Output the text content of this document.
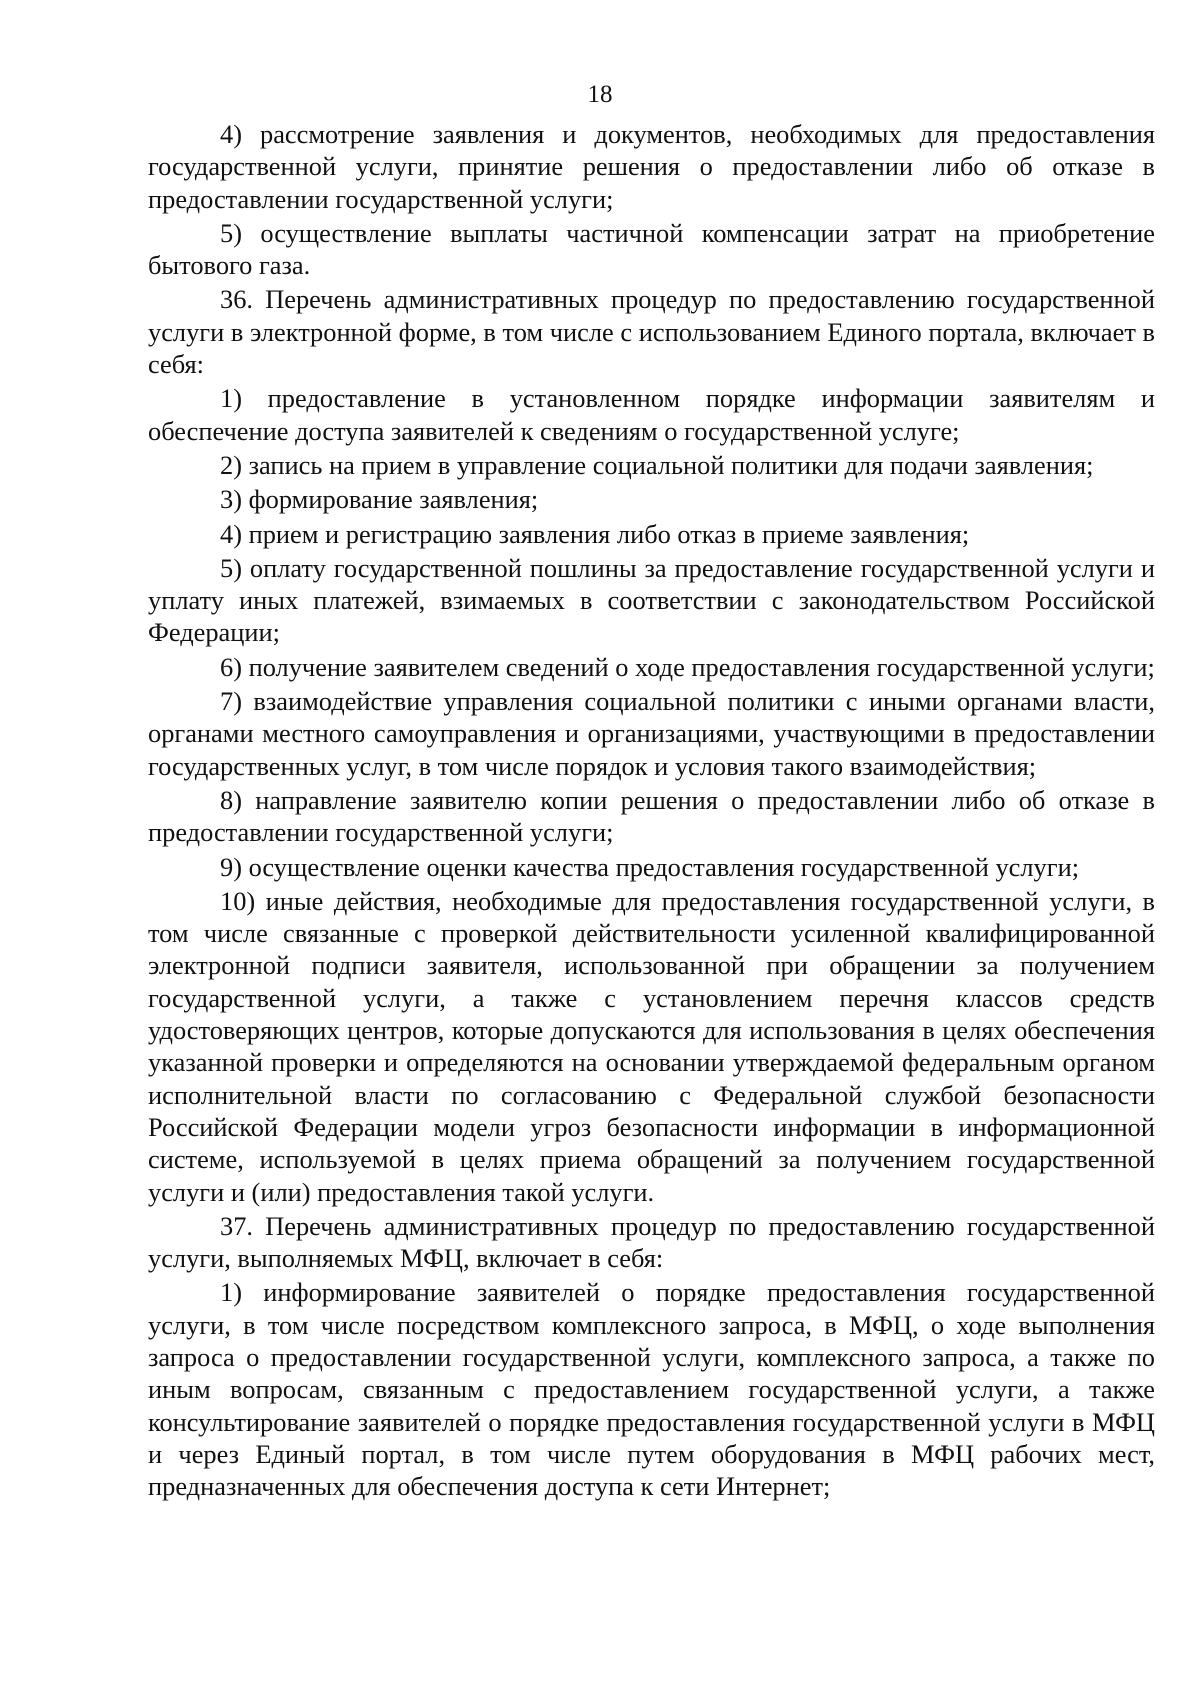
18

4) рассмотрение заявления и документов, необходимых для предоставления государственной услуги, принятие решения о предоставлении либо об отказе в предоставлении государственной услуги;

5) осуществление выплаты частичной компенсации затрат на приобретение бытового газа.

36. Перечень административных процедур по предоставлению государственной услуги в электронной форме, в том числе с использованием Единого портала, включает в себя:

1) предоставление в установленном порядке информации заявителям и обеспечение доступа заявителей к сведениям о государственной услуге;

2) запись на прием в управление социальной политики для подачи заявления;

3) формирование заявления;

4) прием и регистрацию заявления либо отказ в приеме заявления;

5) оплату государственной пошлины за предоставление государственной услуги и уплату иных платежей, взимаемых в соответствии с законодательством Российской Федерации;

6) получение заявителем сведений о ходе предоставления государственной услуги;

7) взаимодействие управления социальной политики с иными органами власти, органами местного самоуправления и организациями, участвующими в предоставлении государственных услуг, в том числе порядок и условия такого взаимодействия;

8) направление заявителю копии решения о предоставлении либо об отказе в предоставлении государственной услуги;

9) осуществление оценки качества предоставления государственной услуги;

10) иные действия, необходимые для предоставления государственной услуги, в том числе связанные с проверкой действительности усиленной квалифицированной электронной подписи заявителя, использованной при обращении за получением государственной услуги, а также с установлением перечня классов средств удостоверяющих центров, которые допускаются для использования в целях обеспечения указанной проверки и определяются на основании утверждаемой федеральным органом исполнительной власти по согласованию с Федеральной службой безопасности Российской Федерации модели угроз безопасности информации в информационной системе, используемой в целях приема обращений за получением государственной услуги и (или) предоставления такой услуги.

37. Перечень административных процедур по предоставлению государственной услуги, выполняемых МФЦ, включает в себя:

1) информирование заявителей о порядке предоставления государственной услуги, в том числе посредством комплексного запроса, в МФЦ, о ходе выполнения запроса о предоставлении государственной услуги, комплексного запроса, а также по иным вопросам, связанным с предоставлением государственной услуги, а также консультирование заявителей о порядке предоставления государственной услуги в МФЦ и через Единый портал, в том числе путем оборудования в МФЦ рабочих мест, предназначенных для обеспечения доступа к сети Интернет;
